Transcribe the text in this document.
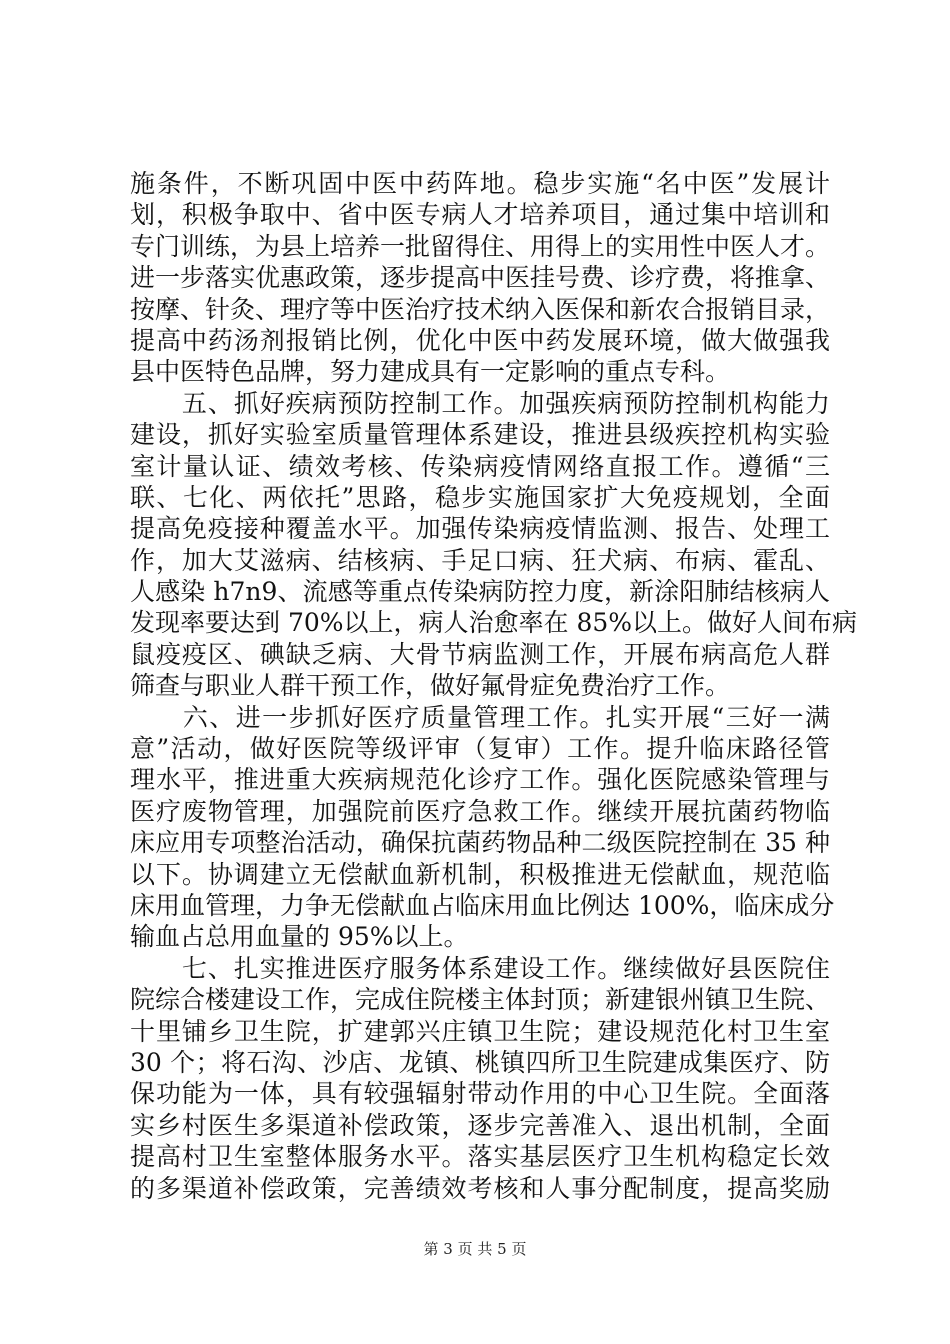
施条件，不断巩固中医中药阵地。稳步实施“名中医”发展计
划，积极争取中、省中医专病人才培养项目，通过集中培训和
专门训练，为县上培养一批留得住、用得上的实用性中医人才。
进一步落实优惠政策，逐步提高中医挂号费、诊疗费，将推拿、
按摩、针灸、理疗等中医治疗技术纳入医保和新农合报销目录，
提高中药汤剂报销比例，优化中医中药发展环境，做大做强我
县中医特色品牌，努力建成具有一定影响的重点专科。
　　五、抓好疾病预防控制工作。加强疾病预防控制机构能力
建设，抓好实验室质量管理体系建设，推进县级疾控机构实验
室计量认证、绩效考核、传染病疫情网络直报工作。遵循“三
联、七化、两依托”思路，稳步实施国家扩大免疫规划，全面
提高免疫接种覆盖水平。加强传染病疫情监测、报告、处理工
作，加大艾滋病、结核病、手足口病、狂犬病、布病、霍乱、
人感染 h7n9、流感等重点传染病防控力度，新涂阳肺结核病人
发现率要达到 70%以上，病人治愈率在 85%以上。做好人间布病
鼠疫疫区、碘缺乏病、大骨节病监测工作，开展布病高危人群
筛查与职业人群干预工作，做好氟骨症免费治疗工作。
　　六、进一步抓好医疗质量管理工作。扎实开展“三好一满
意”活动，做好医院等级评审（复审）工作。提升临床路径管
理水平，推进重大疾病规范化诊疗工作。强化医院感染管理与
医疗废物管理，加强院前医疗急救工作。继续开展抗菌药物临
床应用专项整治活动，确保抗菌药物品种二级医院控制在 35 种
以下。协调建立无偿献血新机制，积极推进无偿献血，规范临
床用血管理，力争无偿献血占临床用血比例达 100%，临床成分
输血占总用血量的 95%以上。
　　七、扎实推进医疗服务体系建设工作。继续做好县医院住
院综合楼建设工作，完成住院楼主体封顶；新建银州镇卫生院、
十里铺乡卫生院，扩建郭兴庄镇卫生院；建设规范化村卫生室
30 个；将石沟、沙店、龙镇、桃镇四所卫生院建成集医疗、防
保功能为一体，具有较强辐射带动作用的中心卫生院。全面落
实乡村医生多渠道补偿政策，逐步完善准入、退出机制，全面
提高村卫生室整体服务水平。落实基层医疗卫生机构稳定长效
的多渠道补偿政策，完善绩效考核和人事分配制度，提高奖励
第 3 页 共 5 页
